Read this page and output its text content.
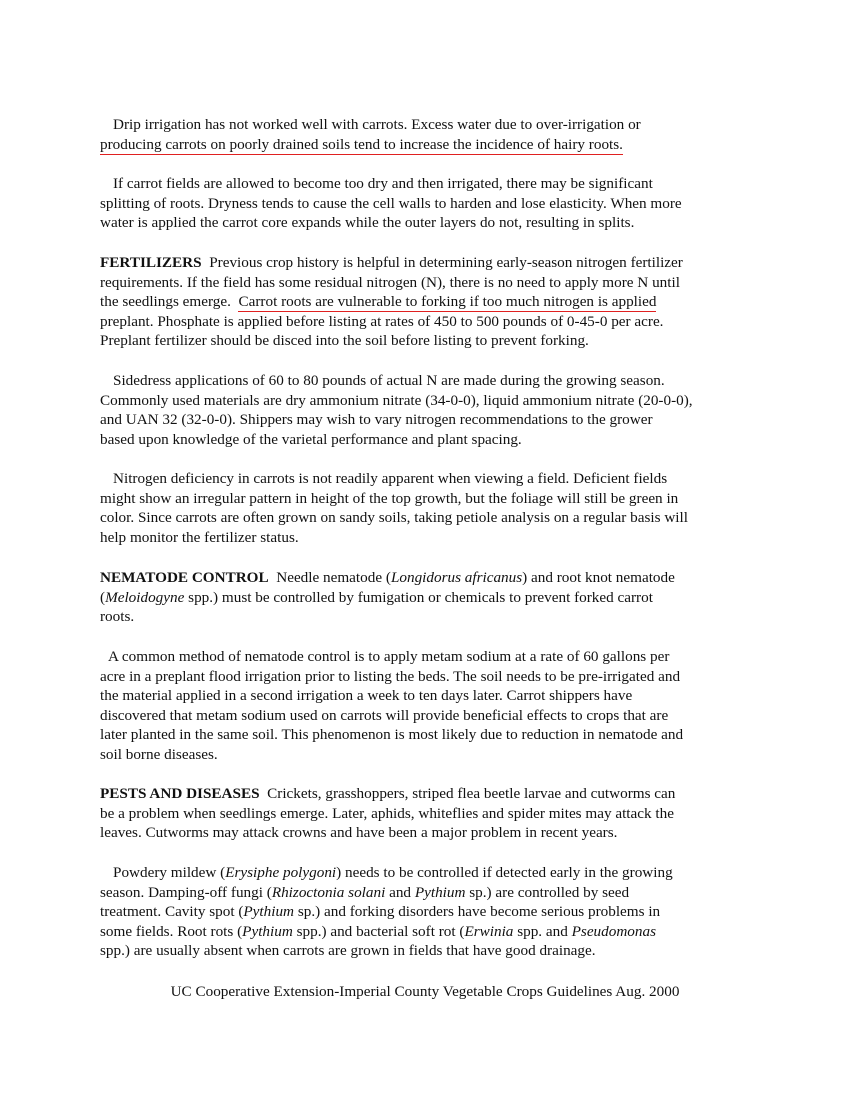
Drip irrigation has not worked well with carrots. Excess water due to over-irrigation or
producing carrots on poorly drained soils tend to increase the incidence of hairy roots.

If carrot fields are allowed to become too dry and then irrigated, there may be significant
splitting of roots. Dryness tends to cause the cell walls to harden and lose elasticity. When more
water is applied the carrot core expands while the outer layers do not, resulting in splits.

FERTILIZERS Previous crop history is helpful in determining early-season nitrogen fertilizer
requirements. If the field has some residual nitrogen (N), there is no need to apply more N until
the seedlings emerge. Carrot roots are vulnerable to forking if too much nitrogen is applied
preplant. Phosphate is applied before listing at rates of 450 to 500 pounds of 0-45-0 per acre.
Preplant fertilizer should be disced into the soil before listing to prevent forking.

Sidedress applications of 60 to 80 pounds of actual N are made during the growing season.
Commonly used materials are dry ammonium nitrate (34-0-0), liquid ammonium nitrate (20-0-0),
and UAN 32 (32-0-0). Shippers may wish to vary nitrogen recommendations to the grower
based upon knowledge of the varietal performance and plant spacing.

Nitrogen deficiency in carrots is not readily apparent when viewing a field. Deficient fields
might show an irregular pattern in height of the top growth, but the foliage will still be green in
color. Since carrots are often grown on sandy soils, taking petiole analysis on a regular basis will
help monitor the fertilizer status.

NEMATODE CONTROL Needle nematode (Longidorus africanus) and root knot nematode
(Meloidogyne spp.) must be controlled by fumigation or chemicals to prevent forked carrot
roots.

A common method of nematode control is to apply metam sodium at a rate of 60 gallons per
acre in a preplant flood irrigation prior to listing the beds. The soil needs to be pre-irrigated and
the material applied in a second irrigation a week to ten days later. Carrot shippers have
discovered that metam sodium used on carrots will provide beneficial effects to crops that are
later planted in the same soil. This phenomenon is most likely due to reduction in nematode and
soil borne diseases.

PESTS AND DISEASES Crickets, grasshoppers, striped flea beetle larvae and cutworms can
be a problem when seedlings emerge. Later, aphids, whiteflies and spider mites may attack the
leaves. Cutworms may attack crowns and have been a major problem in recent years.

Powdery mildew (Erysiphe polygoni) needs to be controlled if detected early in the growing
season. Damping-off fungi (Rhizoctonia solani and Pythium sp.) are controlled by seed
treatment. Cavity spot (Pythium sp.) and forking disorders have become serious problems in
some fields. Root rots (Pythium spp.) and bacterial soft rot (Erwinia spp. and Pseudomonas
spp.) are usually absent when carrots are grown in fields that have good drainage.

UC Cooperative Extension-Imperial County Vegetable Crops Guidelines Aug. 2000
